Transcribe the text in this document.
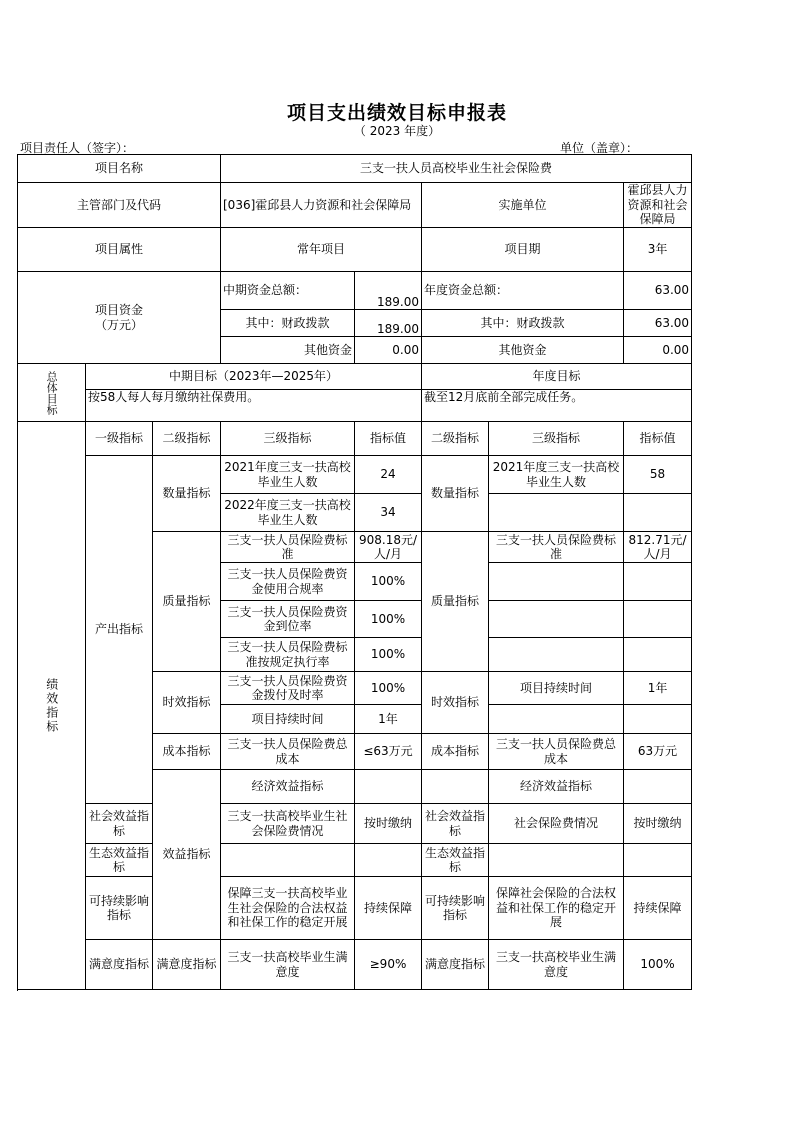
项目支出绩效目标申报表
（ 2023 年度）
项目责任人（签字）：	单位（盖章）：
项目名称			三支一扶人员高校毕业生社会保险费					
主管部门及代码			[036]霍邱县人力资源和社会保障局		实施单位		霍邱县人力资源和社会保障局	
项目属性			常年项目		项目期		3年	
项目资金
（万元）			中期资金总额：	189.00	年度资金总额：		63.00	
			其中：财政拨款	189.00	其中：财政拨款		63.00	
			其他资金	0.00	其他资金		0.00	
总体目标	中期目标（2023年—2025年）				年度目标			
	按58人每人每月缴纳社保费用。				截至12月底前全部完成任务。			
绩效指标	一级指标	二级指标	三级指标	指标值	二级指标	三级指标	指标值	
	产出指标	数量指标	2021年度三支一扶高校毕业生人数	24	数量指标	2021年度三支一扶高校毕业生人数	58	
			2022年度三支一扶高校毕业生人数	34				
		质量指标	三支一扶人员保险费标准	908.18元/人/月	质量指标	三支一扶人员保险费标准	812.71元/人/月	
			三支一扶人员保险费资金使用合规率	100%				
			三支一扶人员保险费资金到位率	100%				
			三支一扶人员保险费标准按规定执行率	100%				
		时效指标	三支一扶人员保险费资金拨付及时率	100%	时效指标	项目持续时间	1年	
			项目持续时间	1年				
		成本指标	三支一扶人员保险费总成本	≤63万元	成本指标	三支一扶人员保险费总成本	63万元	
		效益指标	经济效益指标			经济效益指标		
	社会效益指标		三支一扶高校毕业生社会保险费情况	按时缴纳	社会效益指标	社会保险费情况	按时缴纳	
	生态效益指标				生态效益指标			
	可持续影响指标		保障三支一扶高校毕业生社会保险的合法权益和社保工作的稳定开展	持续保障	可持续影响指标	保障社会保险的合法权益和社保工作的稳定开展	持续保障	
	满意度指标	满意度指标	三支一扶高校毕业生满意度	≥90%	满意度指标	三支一扶高校毕业生满意度	100%	
